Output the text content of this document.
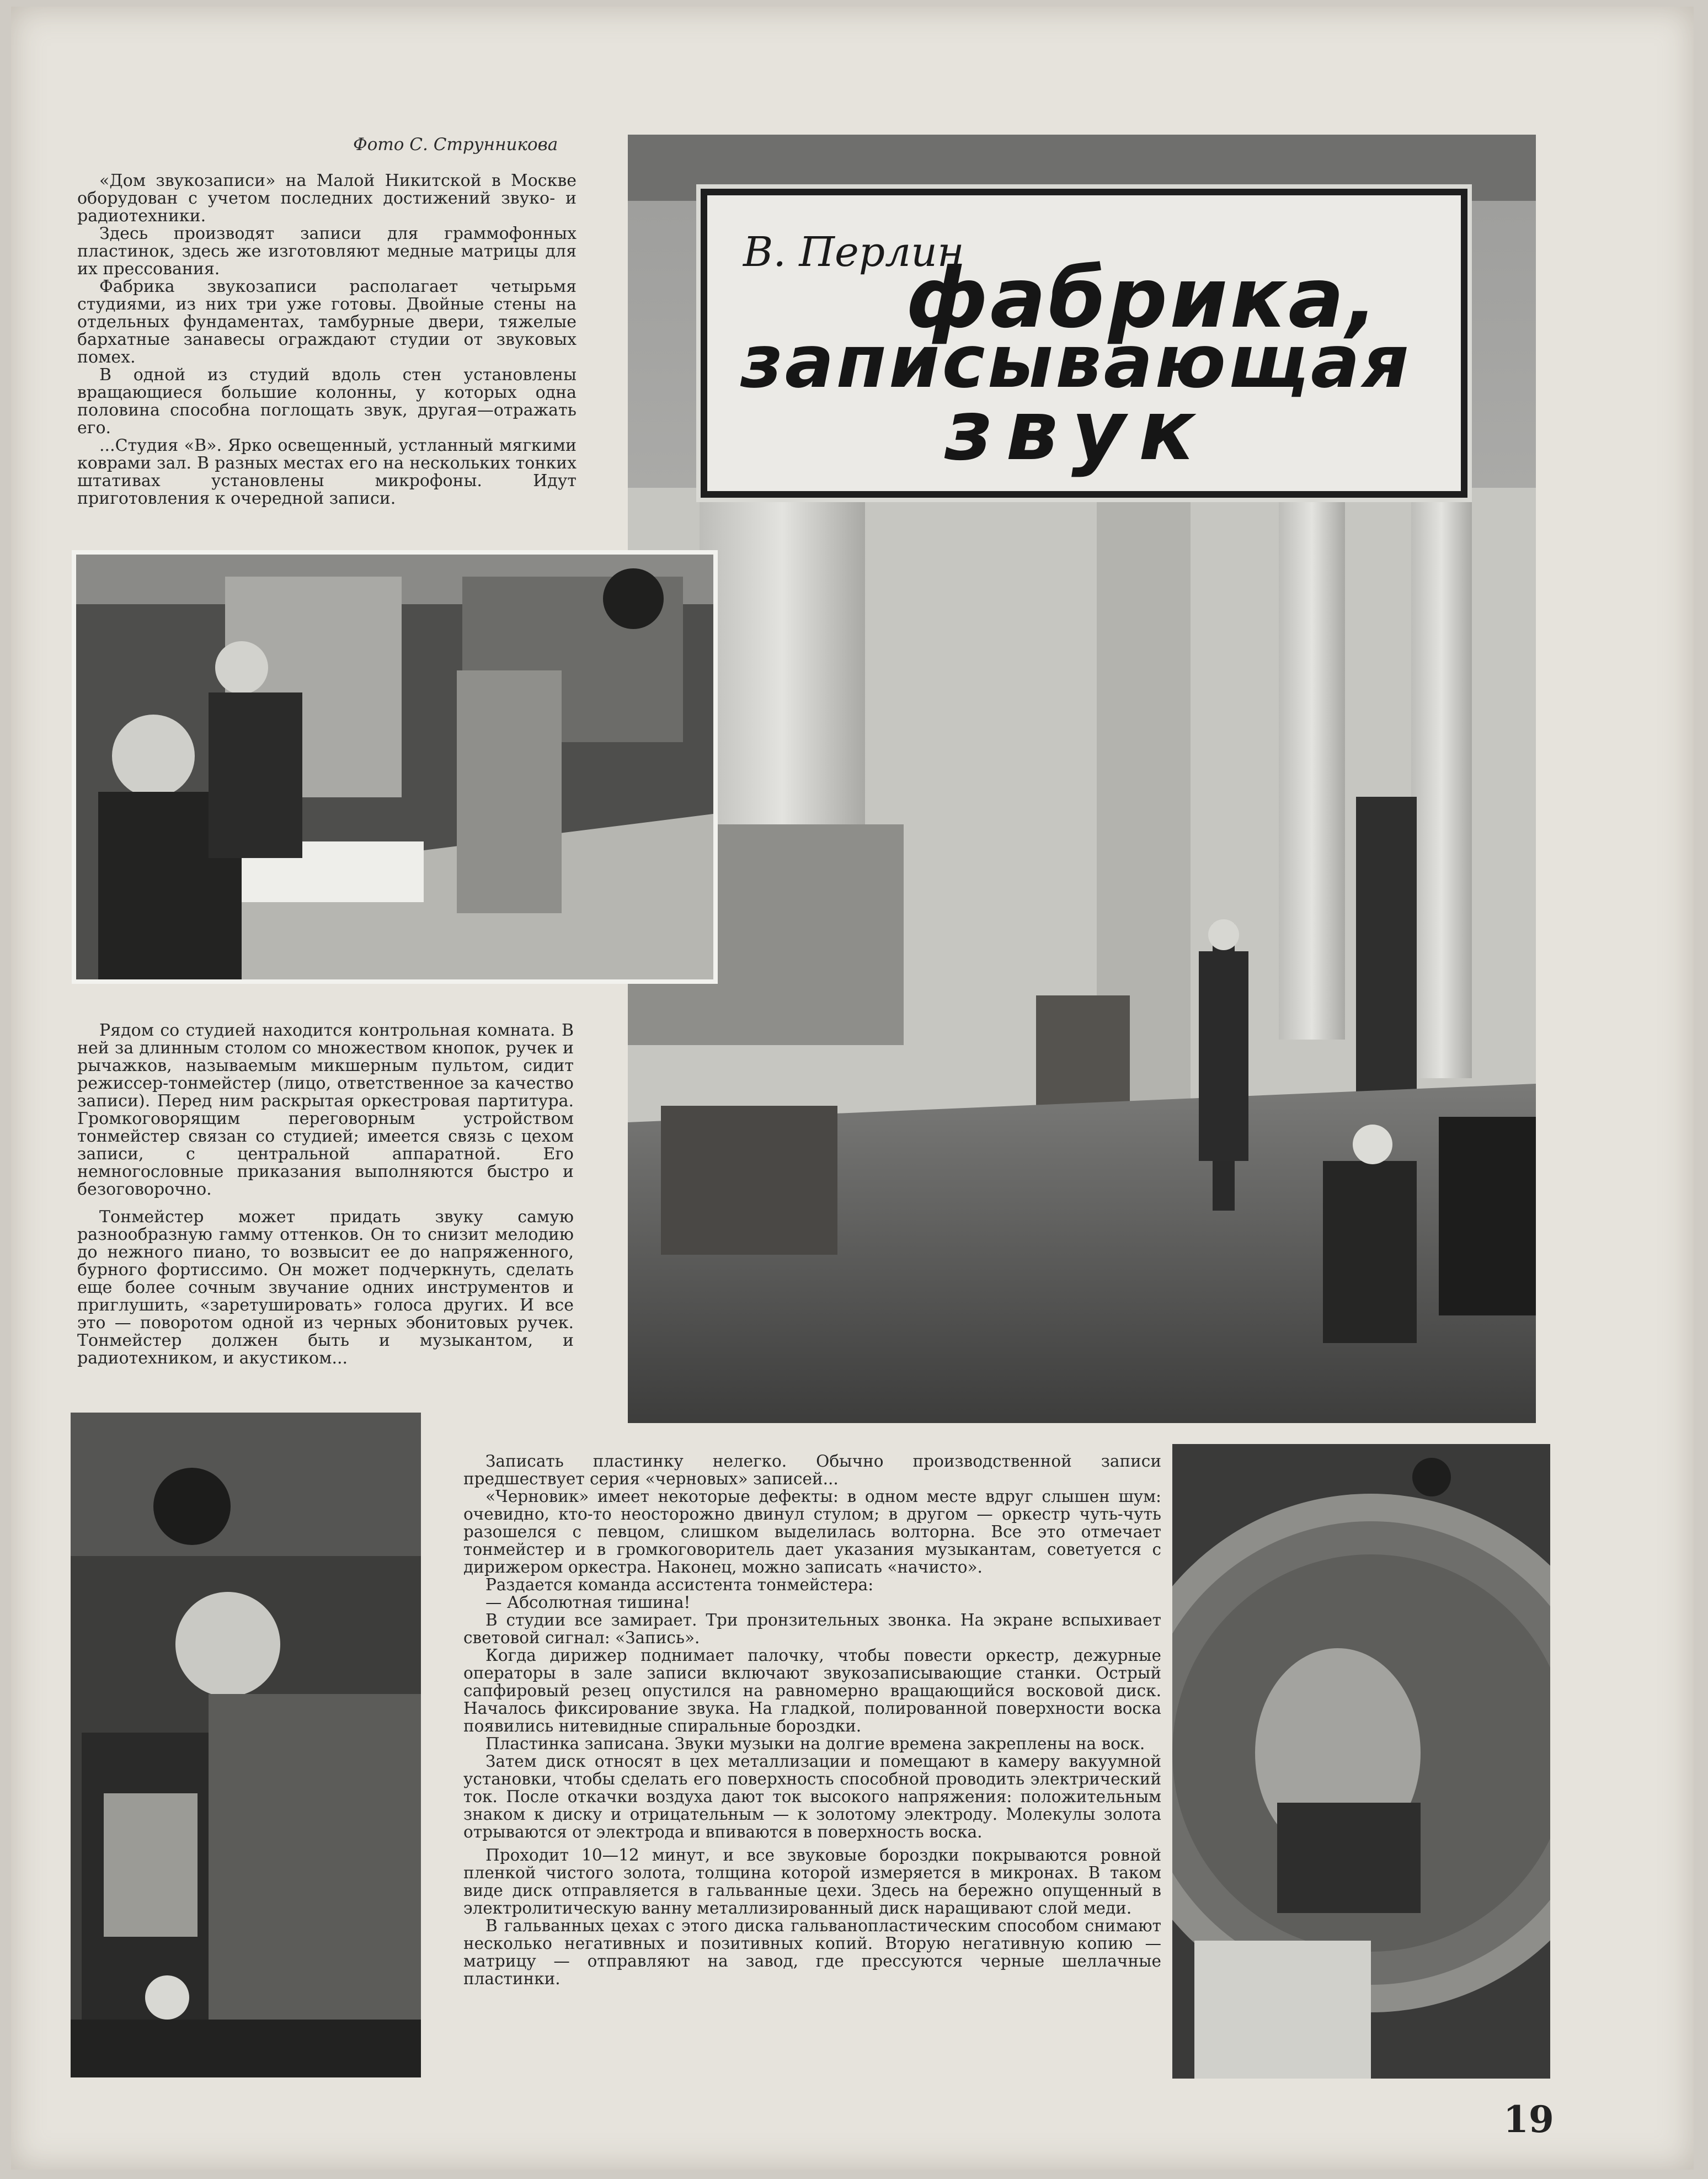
Фото С. Струнникова

«Дом звукозаписи» на Малой Никитской в Москве оборудован с учетом последних достижений звуко- и радиотехники.

Здесь производят записи для граммофонных пластинок, здесь же изготовляют медные матрицы для их прессования.

Фабрика звукозаписи располагает четырьмя студиями, из них три уже готовы. Двойные стены на отдельных фундаментах, тамбурные двери, тяжелые бархатные занавесы ограждают студии от звуковых помех.

В одной из студий вдоль стен установлены вращающиеся большие колонны, у которых одна половина способна поглощать звук, другая—отражать его.

...Студия «В». Ярко освещенный, устланный мягкими коврами зал. В разных местах его на нескольких тонких штативах установлены микрофоны. Идут приготовления к очередной записи.

В. Перлин
фабрика,
записывающая
звук

Рядом со студией находится контрольная комната. В ней за длинным столом со множеством кнопок, ручек и рычажков, называемым микшерным пультом, сидит режиссер-тонмейстер (лицо, ответственное за качество записи). Перед ним раскрытая оркестровая партитура. Громкоговорящим переговорным устройством тонмейстер связан со студией; имеется связь с цехом записи, с центральной аппаратной. Его немногословные приказания выполняются быстро и безоговорочно.

Тонмейстер может придать звуку самую разнообразную гамму оттенков. Он то снизит мелодию до нежного пиано, то возвысит ее до напряженного, бурного фортиссимо. Он может подчеркнуть, сделать еще более сочным звучание одних инструментов и приглушить, «заретушировать» голоса других. И все это — поворотом одной из черных эбонитовых ручек. Тонмейстер должен быть и музыкантом, и радиотехником, и акустиком...

Записать пластинку нелегко. Обычно производственной записи предшествует серия «черновых» записей...

«Черновик» имеет некоторые дефекты: в одном месте вдруг слышен шум: очевидно, кто-то неосторожно двинул стулом; в другом — оркестр чуть-чуть разошелся с певцом, слишком выделилась волторна. Все это отмечает тонмейстер и в громкоговоритель дает указания музыкантам, советуется с дирижером оркестра. Наконец, можно записать «начисто».

Раздается команда ассистента тонмейстера:

— Абсолютная тишина!

В студии все замирает. Три пронзительных звонка. На экране вспыхивает световой сигнал: «Запись».

Когда дирижер поднимает палочку, чтобы повести оркестр, дежурные операторы в зале записи включают звукозаписывающие станки. Острый сапфировый резец опустился на равномерно вращающийся восковой диск. Началось фиксирование звука. На гладкой, полированной поверхности воска появились нитевидные спиральные бороздки.

Пластинка записана. Звуки музыки на долгие времена закреплены на воск.

Затем диск относят в цех металлизации и помещают в камеру вакуумной установки, чтобы сделать его поверхность способной проводить электрический ток. После откачки воздуха дают ток высокого напряжения: положительным знаком к диску и отрицательным — к золотому электроду. Молекулы золота отрываются от электрода и впиваются в поверхность воска.

Проходит 10—12 минут, и все звуковые бороздки покрываются ровной пленкой чистого золота, толщина которой измеряется в микронах. В таком виде диск отправляется в гальванные цехи. Здесь на бережно опущенный в электролитическую ванну металлизированный диск наращивают слой меди.

В гальванных цехах с этого диска гальванопластическим способом снимают несколько негативных и позитивных копий. Вторую негативную копию — матрицу — отправляют на завод, где прессуются черные шеллачные пластинки.

19
